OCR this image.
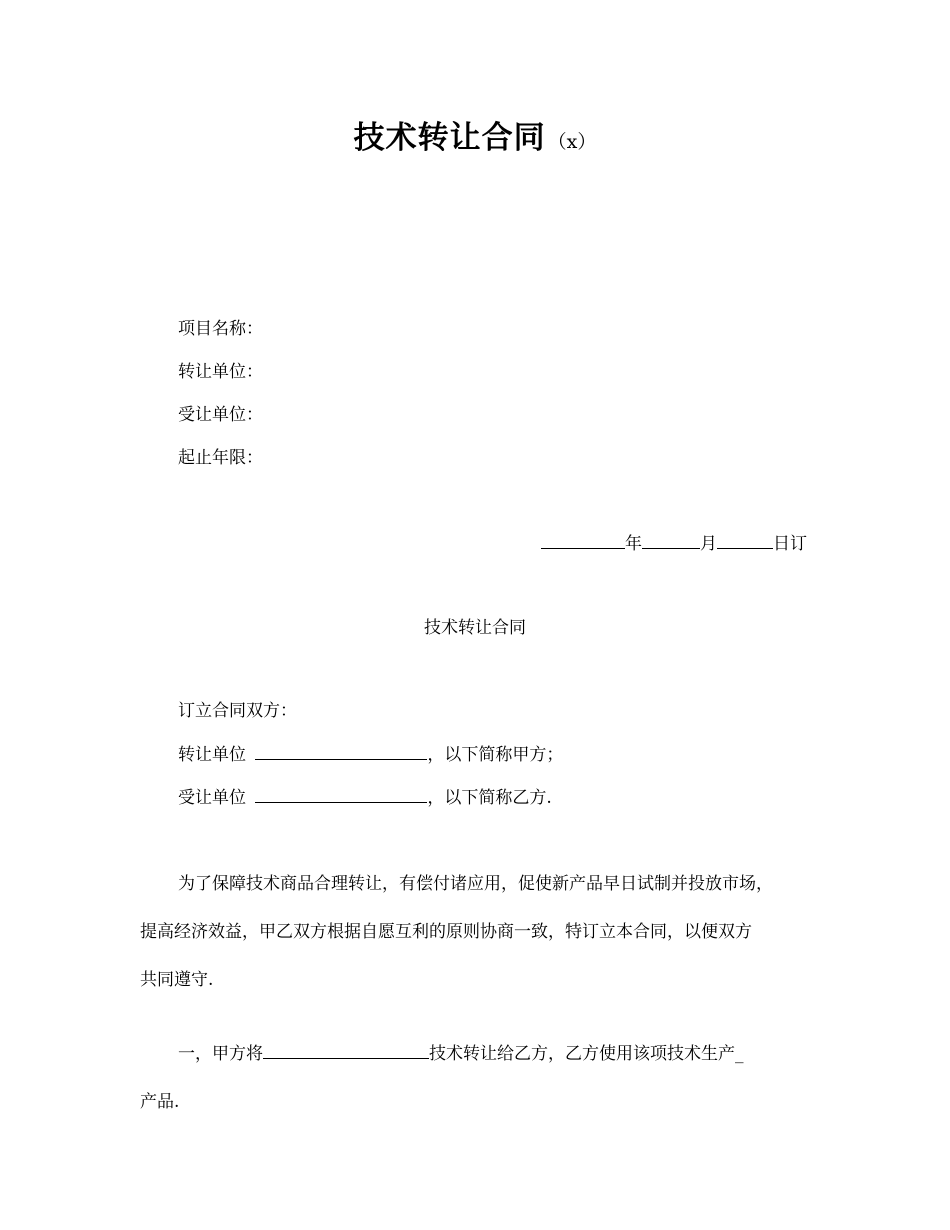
技术转让合同 （x）
项目名称：
转让单位：
受让单位：
起止年限：
年	月	日订
技术转让合同
订立合同双方：
转让单位	，以下简称甲方；
受让单位	，以下简称乙方.
为了保障技术商品合理转让，有偿付诸应用，促使新产品早日试制并投放市场，
提高经济效益，甲乙双方根据自愿互利的原则协商一致，特订立本合同，以便双方
共同遵守.
一，甲方将	技术转让给乙方，乙方使用该项技术生产_
产品.
